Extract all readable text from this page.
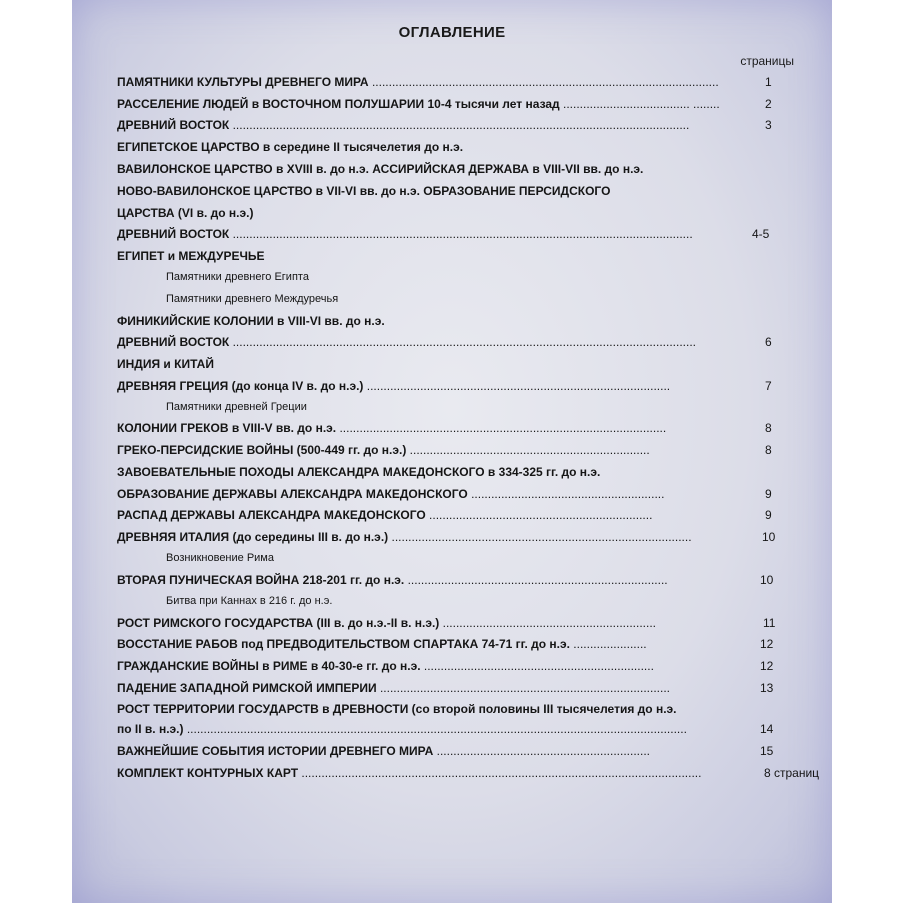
ОГЛАВЛЕНИЕ
страницы
ПАМЯТНИКИ КУЛЬТУРЫ ДРЕВНЕГО МИРА ........................................................................................................	1
РАССЕЛЕНИЕ ЛЮДЕЙ в ВОСТОЧНОМ ПОЛУШАРИИ 10-4 тысячи лет назад ...................................... ........	2
ДРЕВНИЙ ВОСТОК .........................................................................................................................................	3
ЕГИПЕТСКОЕ ЦАРСТВО в середине II тысячелетия до н.э.
ВАВИЛОНСКОЕ ЦАРСТВО в XVIII в. до н.э. АССИРИЙСКАЯ ДЕРЖАВА в VIII-VII вв. до н.э.
НОВО-ВАВИЛОНСКОЕ ЦАРСТВО в VII-VI вв. до н.э. ОБРАЗОВАНИЕ ПЕРСИДСКОГО
ЦАРСТВА (VI в. до н.э.)
ДРЕВНИЙ ВОСТОК ..........................................................................................................................................	4-5
ЕГИПЕТ и МЕЖДУРЕЧЬЕ
Памятники древнего Египта
Памятники древнего Междуречья
ФИНИКИЙСКИЕ КОЛОНИИ в VIII-VI вв. до н.э.
ДРЕВНИЙ ВОСТОК ...........................................................................................................................................	6
ИНДИЯ и КИТАЙ
ДРЕВНЯЯ ГРЕЦИЯ (до конца IV в. до н.э.) ...........................................................................................	7
Памятники древней Греции
КОЛОНИИ ГРЕКОВ в VIII-V вв. до н.э. ..................................................................................................	8
ГРЕКО-ПЕРСИДСКИЕ ВОЙНЫ (500-449 гг. до н.э.) ........................................................................	8
ЗАВОЕВАТЕЛЬНЫЕ ПОХОДЫ АЛЕКСАНДРА МАКЕДОНСКОГО в 334-325 гг. до н.э.
ОБРАЗОВАНИЕ ДЕРЖАВЫ АЛЕКСАНДРА МАКЕДОНСКОГО ..........................................................	9
РАСПАД ДЕРЖАВЫ АЛЕКСАНДРА МАКЕДОНСКОГО ...................................................................	9
ДРЕВНЯЯ ИТАЛИЯ (до середины III в. до н.э.) ..........................................................................................	10
Возникновение Рима
ВТОРАЯ ПУНИЧЕСКАЯ ВОЙНА 218-201 гг. до н.э. ..............................................................................	10
Битва при Каннах в 216 г. до н.э.
РОСТ РИМСКОГО ГОСУДАРСТВА (III в. до н.э.-II в. н.э.) ................................................................	11
ВОССТАНИЕ РАБОВ под ПРЕДВОДИТЕЛЬСТВОМ СПАРТАКА 74-71 гг. до н.э. ......................	12
ГРАЖДАНСКИЕ ВОЙНЫ в РИМЕ в 40-30-е гг. до н.э. .....................................................................	12
ПАДЕНИЕ ЗАПАДНОЙ РИМСКОЙ ИМПЕРИИ .......................................................................................	13
РОСТ ТЕРРИТОРИИ ГОСУДАРСТВ в ДРЕВНОСТИ (со второй половины III тысячелетия до н.э.
по II в. н.э.) ......................................................................................................................................................	14
ВАЖНЕЙШИЕ СОБЫТИЯ ИСТОРИИ ДРЕВНЕГО МИРА ................................................................	15
КОМПЛЕКТ КОНТУРНЫХ КАРТ ........................................................................................................................	8 страниц
